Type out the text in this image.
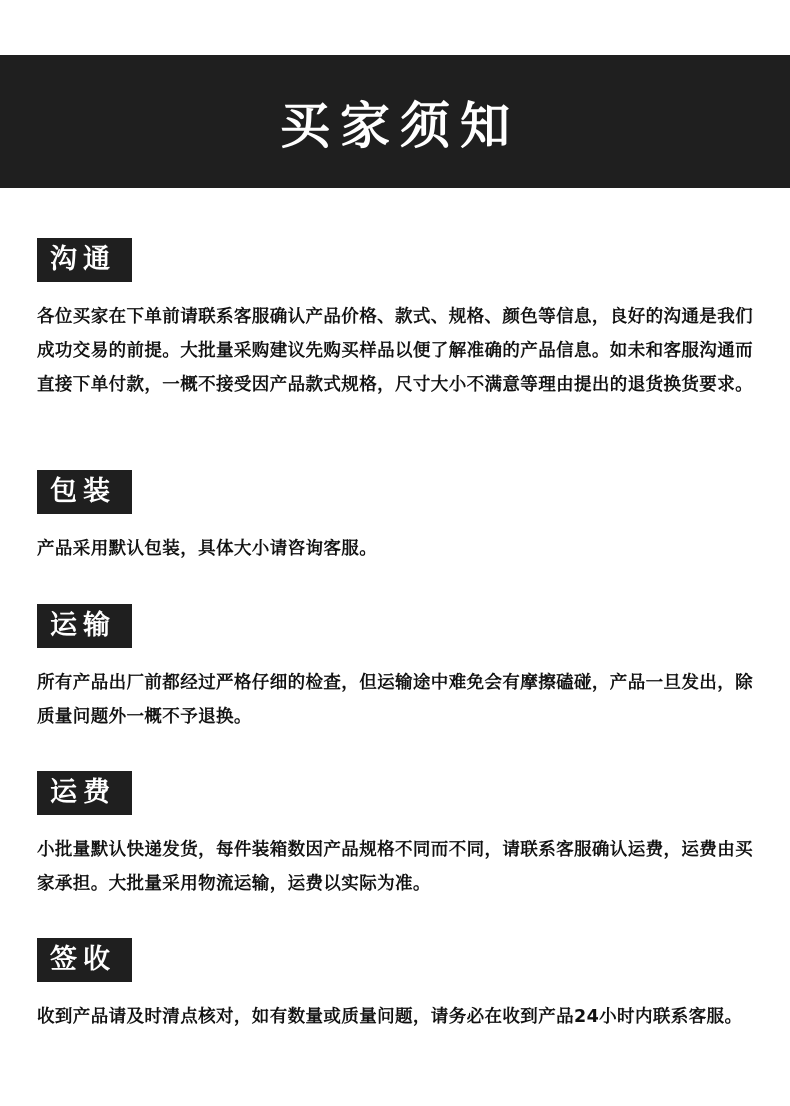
买家须知
沟通
各位买家在下单前请联系客服确认产品价格、款式、规格、颜色等信息，良好的沟通是我们成功交易的前提。大批量采购建议先购买样品以便了解准确的产品信息。如未和客服沟通而直接下单付款，一概不接受因产品款式规格，尺寸大小不满意等理由提出的退货换货要求。
包装
产品采用默认包装，具体大小请咨询客服。
运输
所有产品出厂前都经过严格仔细的检查，但运输途中难免会有摩擦磕碰，产品一旦发出，除质量问题外一概不予退换。
运费
小批量默认快递发货，每件装箱数因产品规格不同而不同，请联系客服确认运费，运费由买家承担。大批量采用物流运输，运费以实际为准。
签收
收到产品请及时清点核对，如有数量或质量问题，请务必在收到产品24小时内联系客服。
